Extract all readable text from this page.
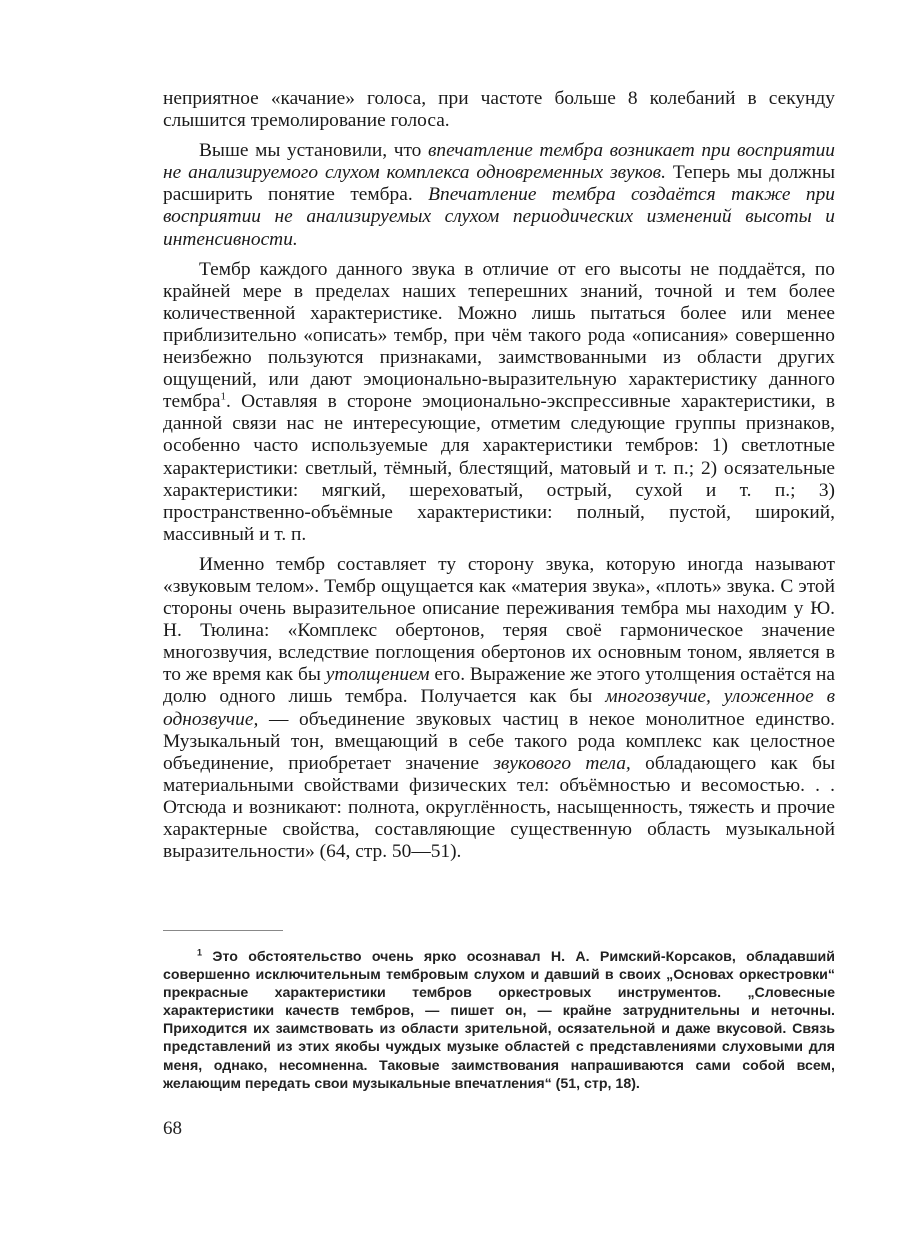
неприятное «качание» голоса, при частоте больше 8 колебаний в секунду слышится тремолирование голоса.

Выше мы установили, что впечатление тембра возникает при восприятии не анализируемого слухом комплекса одновременных звуков. Теперь мы должны расширить понятие тембра. Впечатление тембра создаётся также при восприятии не анализируемых слухом периодических изменений высоты и интенсивности.

Тембр каждого данного звука в отличие от его высоты не поддаётся, по крайней мере в пределах наших теперешних знаний, точной и тем более количественной характеристике. Можно лишь пытаться более или менее приблизительно «описать» тембр, при чём такого рода «описания» совершенно неизбежно пользуются признаками, заимствованными из области других ощущений, или дают эмоционально-выразительную характеристику данного тембра$^1$. Оставляя в стороне эмоционально-экспрессивные характеристики, в данной связи нас не интересующие, отметим следующие группы признаков, особенно часто используемые для характеристики тембров: 1) светлотные характеристики: светлый, тёмный, блестящий, матовый и т. п.; 2) осязательные характеристики: мягкий, шереховатый, острый, сухой и т. п.; 3) пространственно-объёмные характеристики: полный, пустой, широкий, массивный и т. п.

Именно тембр составляет ту сторону звука, которую иногда называют «звуковым телом». Тембр ощущается как «материя звука», «плоть» звука. С этой стороны очень выразительное описание переживания тембра мы находим у Ю. Н. Тюлина: «Комплекс обертонов, теряя своё гармоническое значение многозвучия, вследствие поглощения обертонов их основным тоном, является в то же время как бы утолщением его. Выражение же этого утолщения остаётся на долю одного лишь тембра. Получается как бы многозвучие, уложенное в однозвучие, — объединение звуковых частиц в некое монолитное единство. Музыкальный тон, вмещающий в себе такого рода комплекс как целостное объединение, приобретает значение звукового тела, обладающего как бы материальными свойствами физических тел: объёмностью и весомостью. . . Отсюда и возникают: полнота, округлённость, насыщенность, тяжесть и прочие характерные свойства, составляющие существенную область музыкальной выразительности» (64, стр. 50—51).

$^1$ Это обстоятельство очень ярко осознавал Н. А. Римский-Корсаков, обладавший совершенно исключительным тембровым слухом и давший в своих „Основах оркестровки“ прекрасные характеристики тембров оркестровых инструментов. „Словесные характеристики качеств тембров, — пишет он, — крайне затруднительны и неточны. Приходится их заимствовать из области зрительной, осязательной и даже вкусовой. Связь представлений из этих якобы чуждых музыке областей с представлениями слуховыми для меня, однако, несомненна. Таковые заимствования напрашиваются сами собой всем, желающим передать свои музыкальные впечатления“ (51, стр, 18).
68
